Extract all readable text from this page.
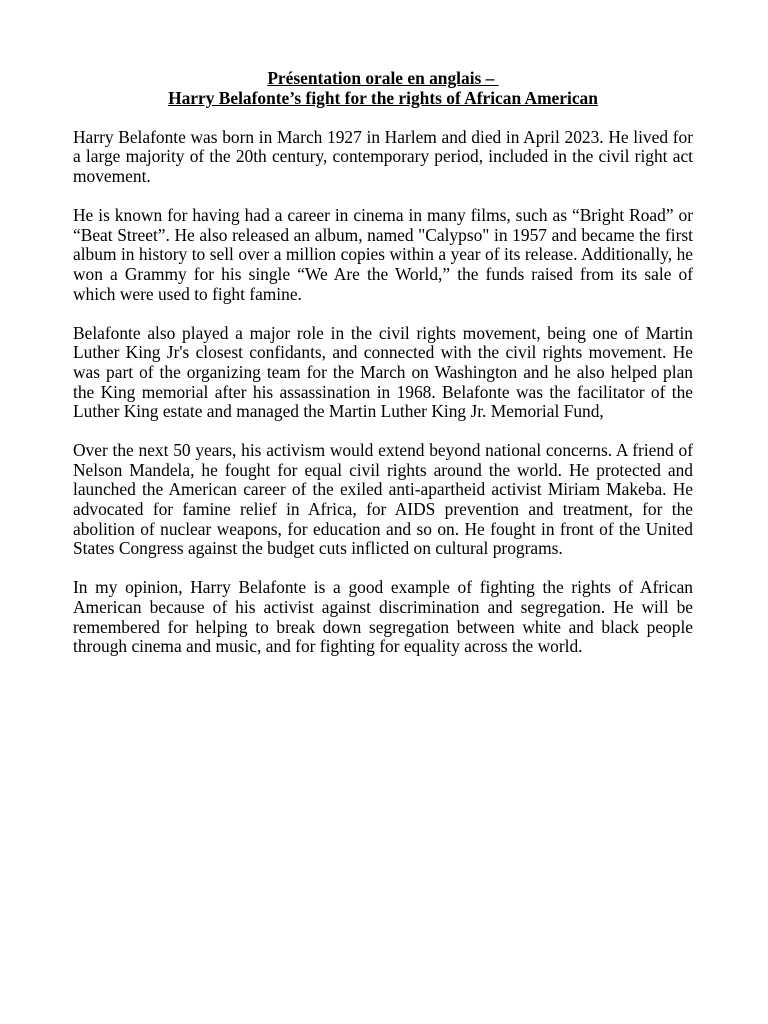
Présentation orale en anglais –
Harry Belafonte’s fight for the rights of African American

Harry Belafonte was born in March 1927 in Harlem and died in April 2023. He lived for a large majority of the 20th century, contemporary period, included in the civil right act movement.

He is known for having had a career in cinema in many films, such as “Bright Road” or “Beat Street”. He also released an album, named "Calypso" in 1957 and became the first album in history to sell over a million copies within a year of its release. Additionally, he won a Grammy for his single “We Are the World,” the funds raised from its sale of which were used to fight famine.

Belafonte also played a major role in the civil rights movement, being one of Martin Luther King Jr's closest confidants, and connected with the civil rights movement. He was part of the organizing team for the March on Washington and he also helped plan the King memorial after his assassination in 1968. Belafonte was the facilitator of the Luther King estate and managed the Martin Luther King Jr. Memorial Fund,

Over the next 50 years, his activism would extend beyond national concerns. A friend of Nelson Mandela, he fought for equal civil rights around the world. He protected and launched the American career of the exiled anti-apartheid activist Miriam Makeba. He advocated for famine relief in Africa, for AIDS prevention and treatment, for the abolition of nuclear weapons, for education and so on. He fought in front of the United States Congress against the budget cuts inflicted on cultural programs.

In my opinion, Harry Belafonte is a good example of fighting the rights of African American because of his activist against discrimination and segregation. He will be remembered for helping to break down segregation between white and black people through cinema and music, and for fighting for equality across the world.
